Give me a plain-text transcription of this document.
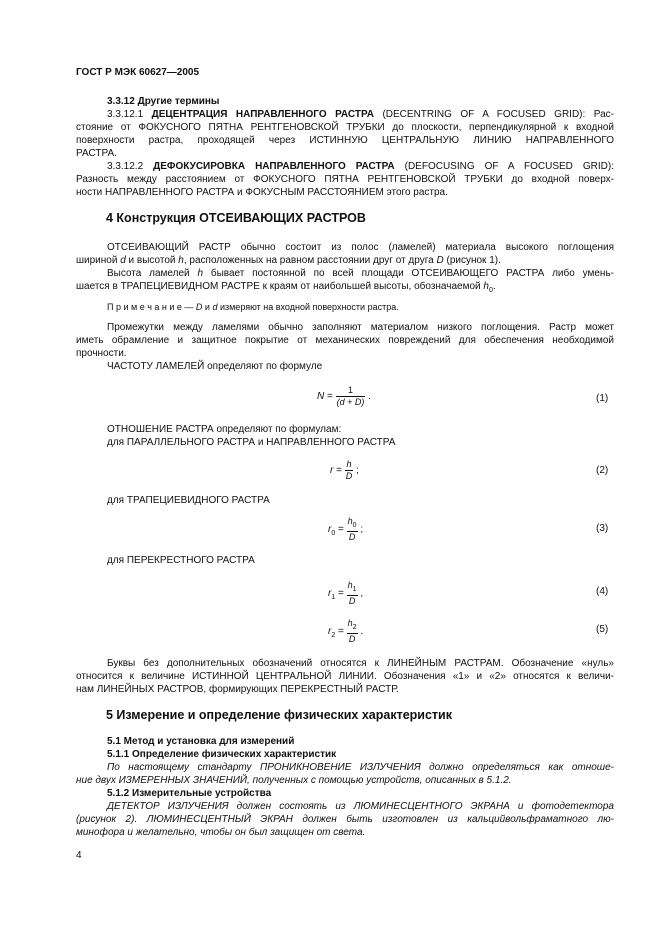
ГОСТ Р МЭК 60627—2005
3.3.12 Другие термины
3.3.12.1 ДЕЦЕНТРАЦИЯ НАПРАВЛЕННОГО РАСТРА (DECENTRING OF A FOCUSED GRID): Рас-
стояние от ФОКУСНОГО ПЯТНА РЕНТГЕНОВСКОЙ ТРУБКИ до плоскости, перпендикулярной к входной
поверхности растра, проходящей через ИСТИННУЮ ЦЕНТРАЛЬНУЮ ЛИНИЮ НАПРАВЛЕННОГО
РАСТРА.
3.3.12.2 ДЕФОКУСИРОВКА НАПРАВЛЕННОГО РАСТРА (DEFOCUSING OF A FOCUSED GRID):
Разность между расстоянием от ФОКУСНОГО ПЯТНА РЕНТГЕНОВСКОЙ ТРУБКИ до входной поверх-
ности НАПРАВЛЕННОГО РАСТРА и ФОКУСНЫМ РАССТОЯНИЕМ этого растра.
4 Конструкция ОТСЕИВАЮЩИХ РАСТРОВ
ОТСЕИВАЮЩИЙ РАСТР обычно состоит из полос (ламелей) материала высокого поглощения
шириной d и высотой h, расположенных на равном расстоянии друг от друга D (рисунок 1).
Высота ламелей h бывает постоянной по всей площади ОТСЕИВАЮЩЕГО РАСТРА либо умень-
шается в ТРАПЕЦИЕВИДНОМ РАСТРЕ к краям от наибольшей высоты, обозначаемой $h_0$.
П р и м е ч а н и е — D и d измеряют на входной поверхности растра.
Промежутки между ламелями обычно заполняют материалом низкого поглощения. Растр может
иметь обрамление и защитное покрытие от механических повреждений для обеспечения необходимой
прочности.
ЧАСТОТУ ЛАМЕЛЕЙ определяют по формуле
$N = \frac{1}{(d + D)}$ .	(1)
ОТНОШЕНИЕ РАСТРА определяют по формулам:
для ПАРАЛЛЕЛЬНОГО РАСТРА и НАПРАВЛЕННОГО РАСТРА
$r = \frac{h}{D}$ ;	(2)
для ТРАПЕЦИЕВИДНОГО РАСТРА
$r_0 = \frac{h_0}{D}$ ;	(3)
для ПЕРЕКРЕСТНОГО РАСТРА
$r_1 = \frac{h_1}{D}$ ,	(4)
$r_2 = \frac{h_2}{D}$ .	(5)
Буквы без дополнительных обозначений относятся к ЛИНЕЙНЫМ РАСТРАМ. Обозначение «нуль»
относится к величине ИСТИННОЙ ЦЕНТРАЛЬНОЙ ЛИНИИ. Обозначения «1» и «2» относятся к величи-
нам ЛИНЕЙНЫХ РАСТРОВ, формирующих ПЕРЕКРЕСТНЫЙ РАСТР.
5 Измерение и определение физических характеристик
5.1 Метод и установка для измерений
5.1.1 Определение физических характеристик
По настоящему стандарту ПРОНИКНОВЕНИЕ ИЗЛУЧЕНИЯ должно определяться как отноше-
ние двух ИЗМЕРЕННЫХ ЗНАЧЕНИЙ, полученных с помощью устройств, описанных в 5.1.2.
5.1.2 Измерительные устройства
ДЕТЕКТОР ИЗЛУЧЕНИЯ должен состоять из ЛЮМИНЕСЦЕНТНОГО ЭКРАНА и фотодетектора
(рисунок 2). ЛЮМИНЕСЦЕНТНЫЙ ЭКРАН должен быть изготовлен из кальцийвольфраматного лю-
минофора и желательно, чтобы он был защищен от света.
4
